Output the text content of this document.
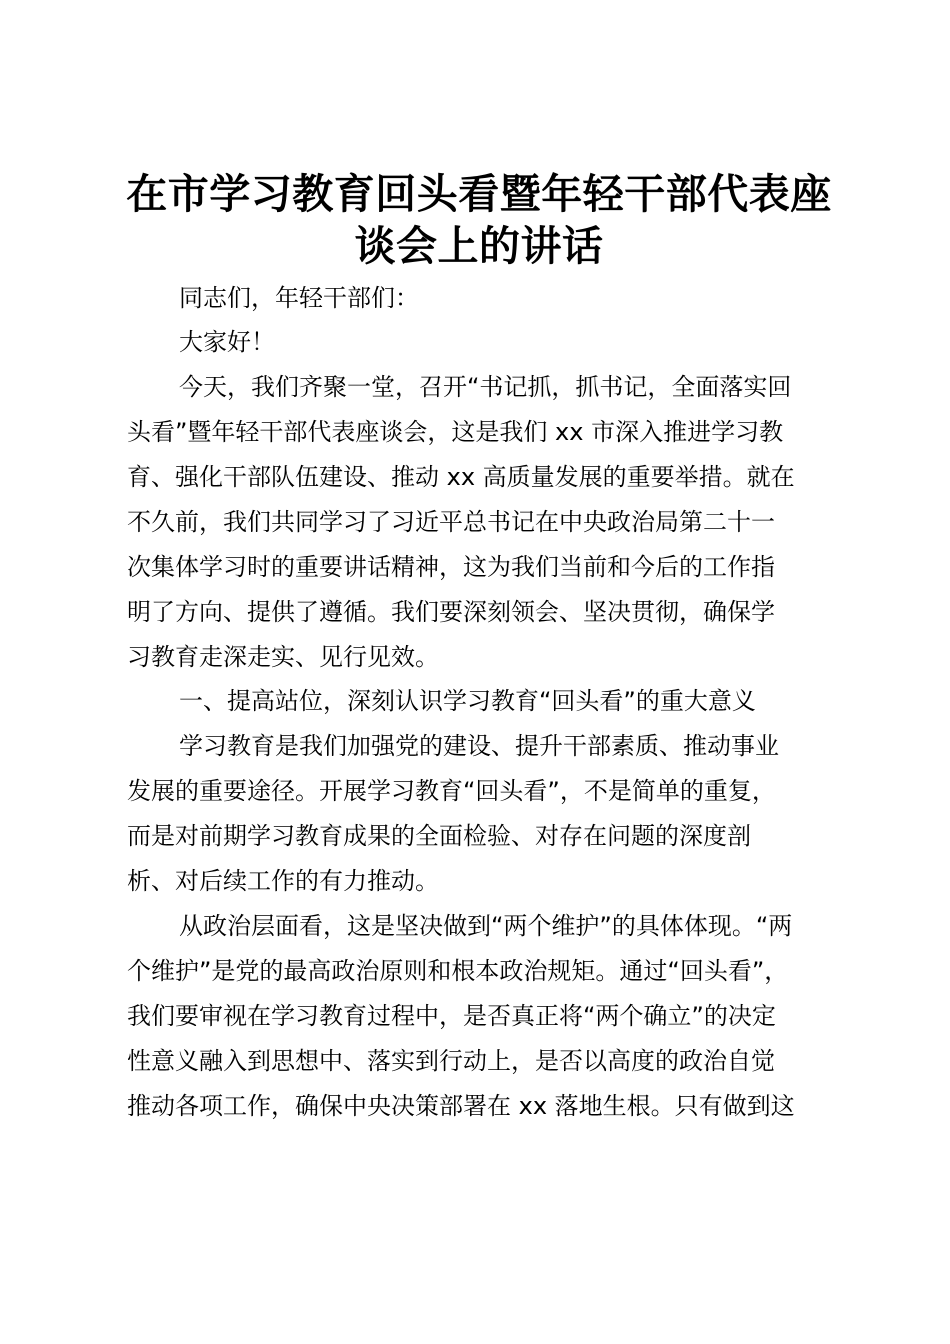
在市学习教育回头看暨年轻干部代表座
谈会上的讲话
同志们，年轻干部们：
大家好！
今天，我们齐聚一堂，召开“书记抓，抓书记，全面落实回
头看”暨年轻干部代表座谈会，这是我们 xx 市深入推进学习教
育、强化干部队伍建设、推动 xx 高质量发展的重要举措。就在
不久前，我们共同学习了习近平总书记在中央政治局第二十一
次集体学习时的重要讲话精神，这为我们当前和今后的工作指
明了方向、提供了遵循。我们要深刻领会、坚决贯彻，确保学
习教育走深走实、见行见效。
一、提高站位，深刻认识学习教育“回头看”的重大意义
学习教育是我们加强党的建设、提升干部素质、推动事业
发展的重要途径。开展学习教育“回头看”，不是简单的重复，
而是对前期学习教育成果的全面检验、对存在问题的深度剖
析、对后续工作的有力推动。
从政治层面看，这是坚决做到“两个维护”的具体体现。“两
个维护”是党的最高政治原则和根本政治规矩。通过“回头看”，
我们要审视在学习教育过程中，是否真正将“两个确立”的决定
性意义融入到思想中、落实到行动上，是否以高度的政治自觉
推动各项工作，确保中央决策部署在 xx 落地生根。只有做到这
